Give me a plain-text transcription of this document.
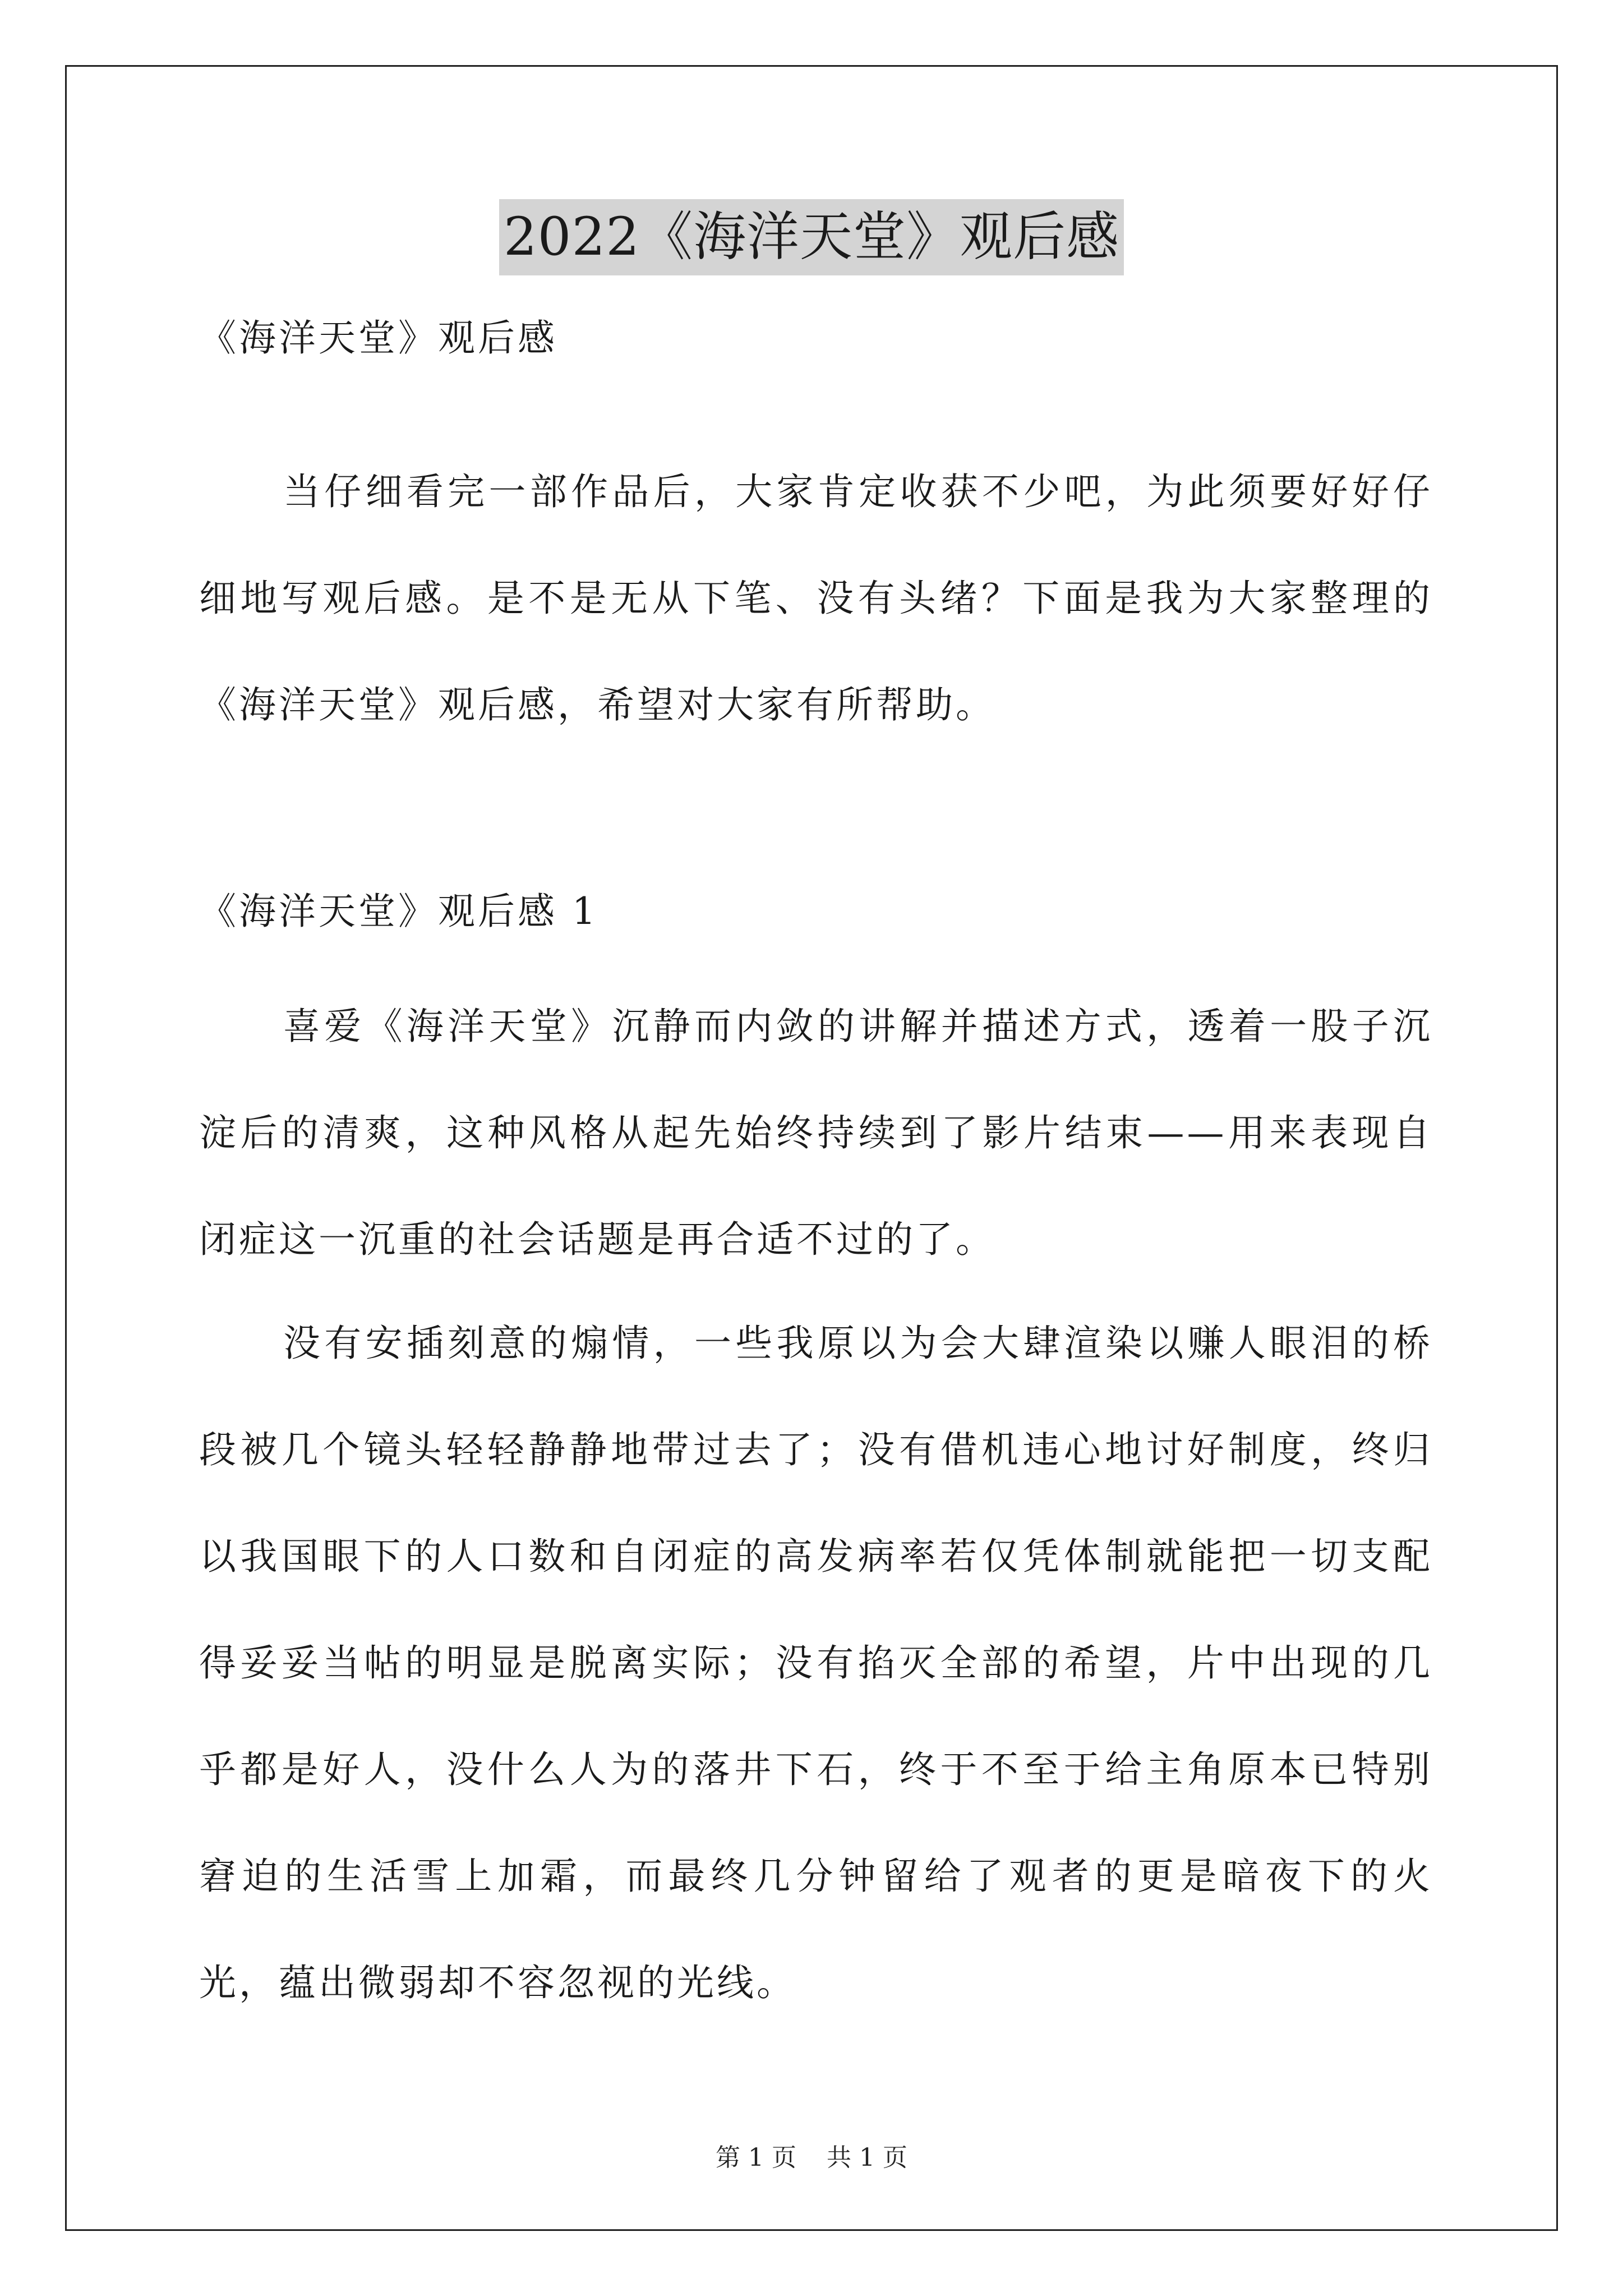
2022《海洋天堂》观后感
《海洋天堂》观后感

当仔细看完一部作品后，大家肯定收获不少吧，为此须要好好仔细地写观后感。是不是无从下笔、没有头绪？下面是我为大家整理的《海洋天堂》观后感，希望对大家有所帮助。

《海洋天堂》观后感 1

喜爱《海洋天堂》沉静而内敛的讲解并描述方式，透着一股子沉淀后的清爽，这种风格从起先始终持续到了影片结束——用来表现自闭症这一沉重的社会话题是再合适不过的了。

没有安插刻意的煽情，一些我原以为会大肆渲染以赚人眼泪的桥段被几个镜头轻轻静静地带过去了；没有借机违心地讨好制度，终归以我国眼下的人口数和自闭症的高发病率若仅凭体制就能把一切支配得妥妥当帖的明显是脱离实际；没有掐灭全部的希望，片中出现的几乎都是好人，没什么人为的落井下石，终于不至于给主角原本已特别窘迫的生活雪上加霜，而最终几分钟留给了观者的更是暗夜下的火光，蕴出微弱却不容忽视的光线。

第 1 页 共 1 页
